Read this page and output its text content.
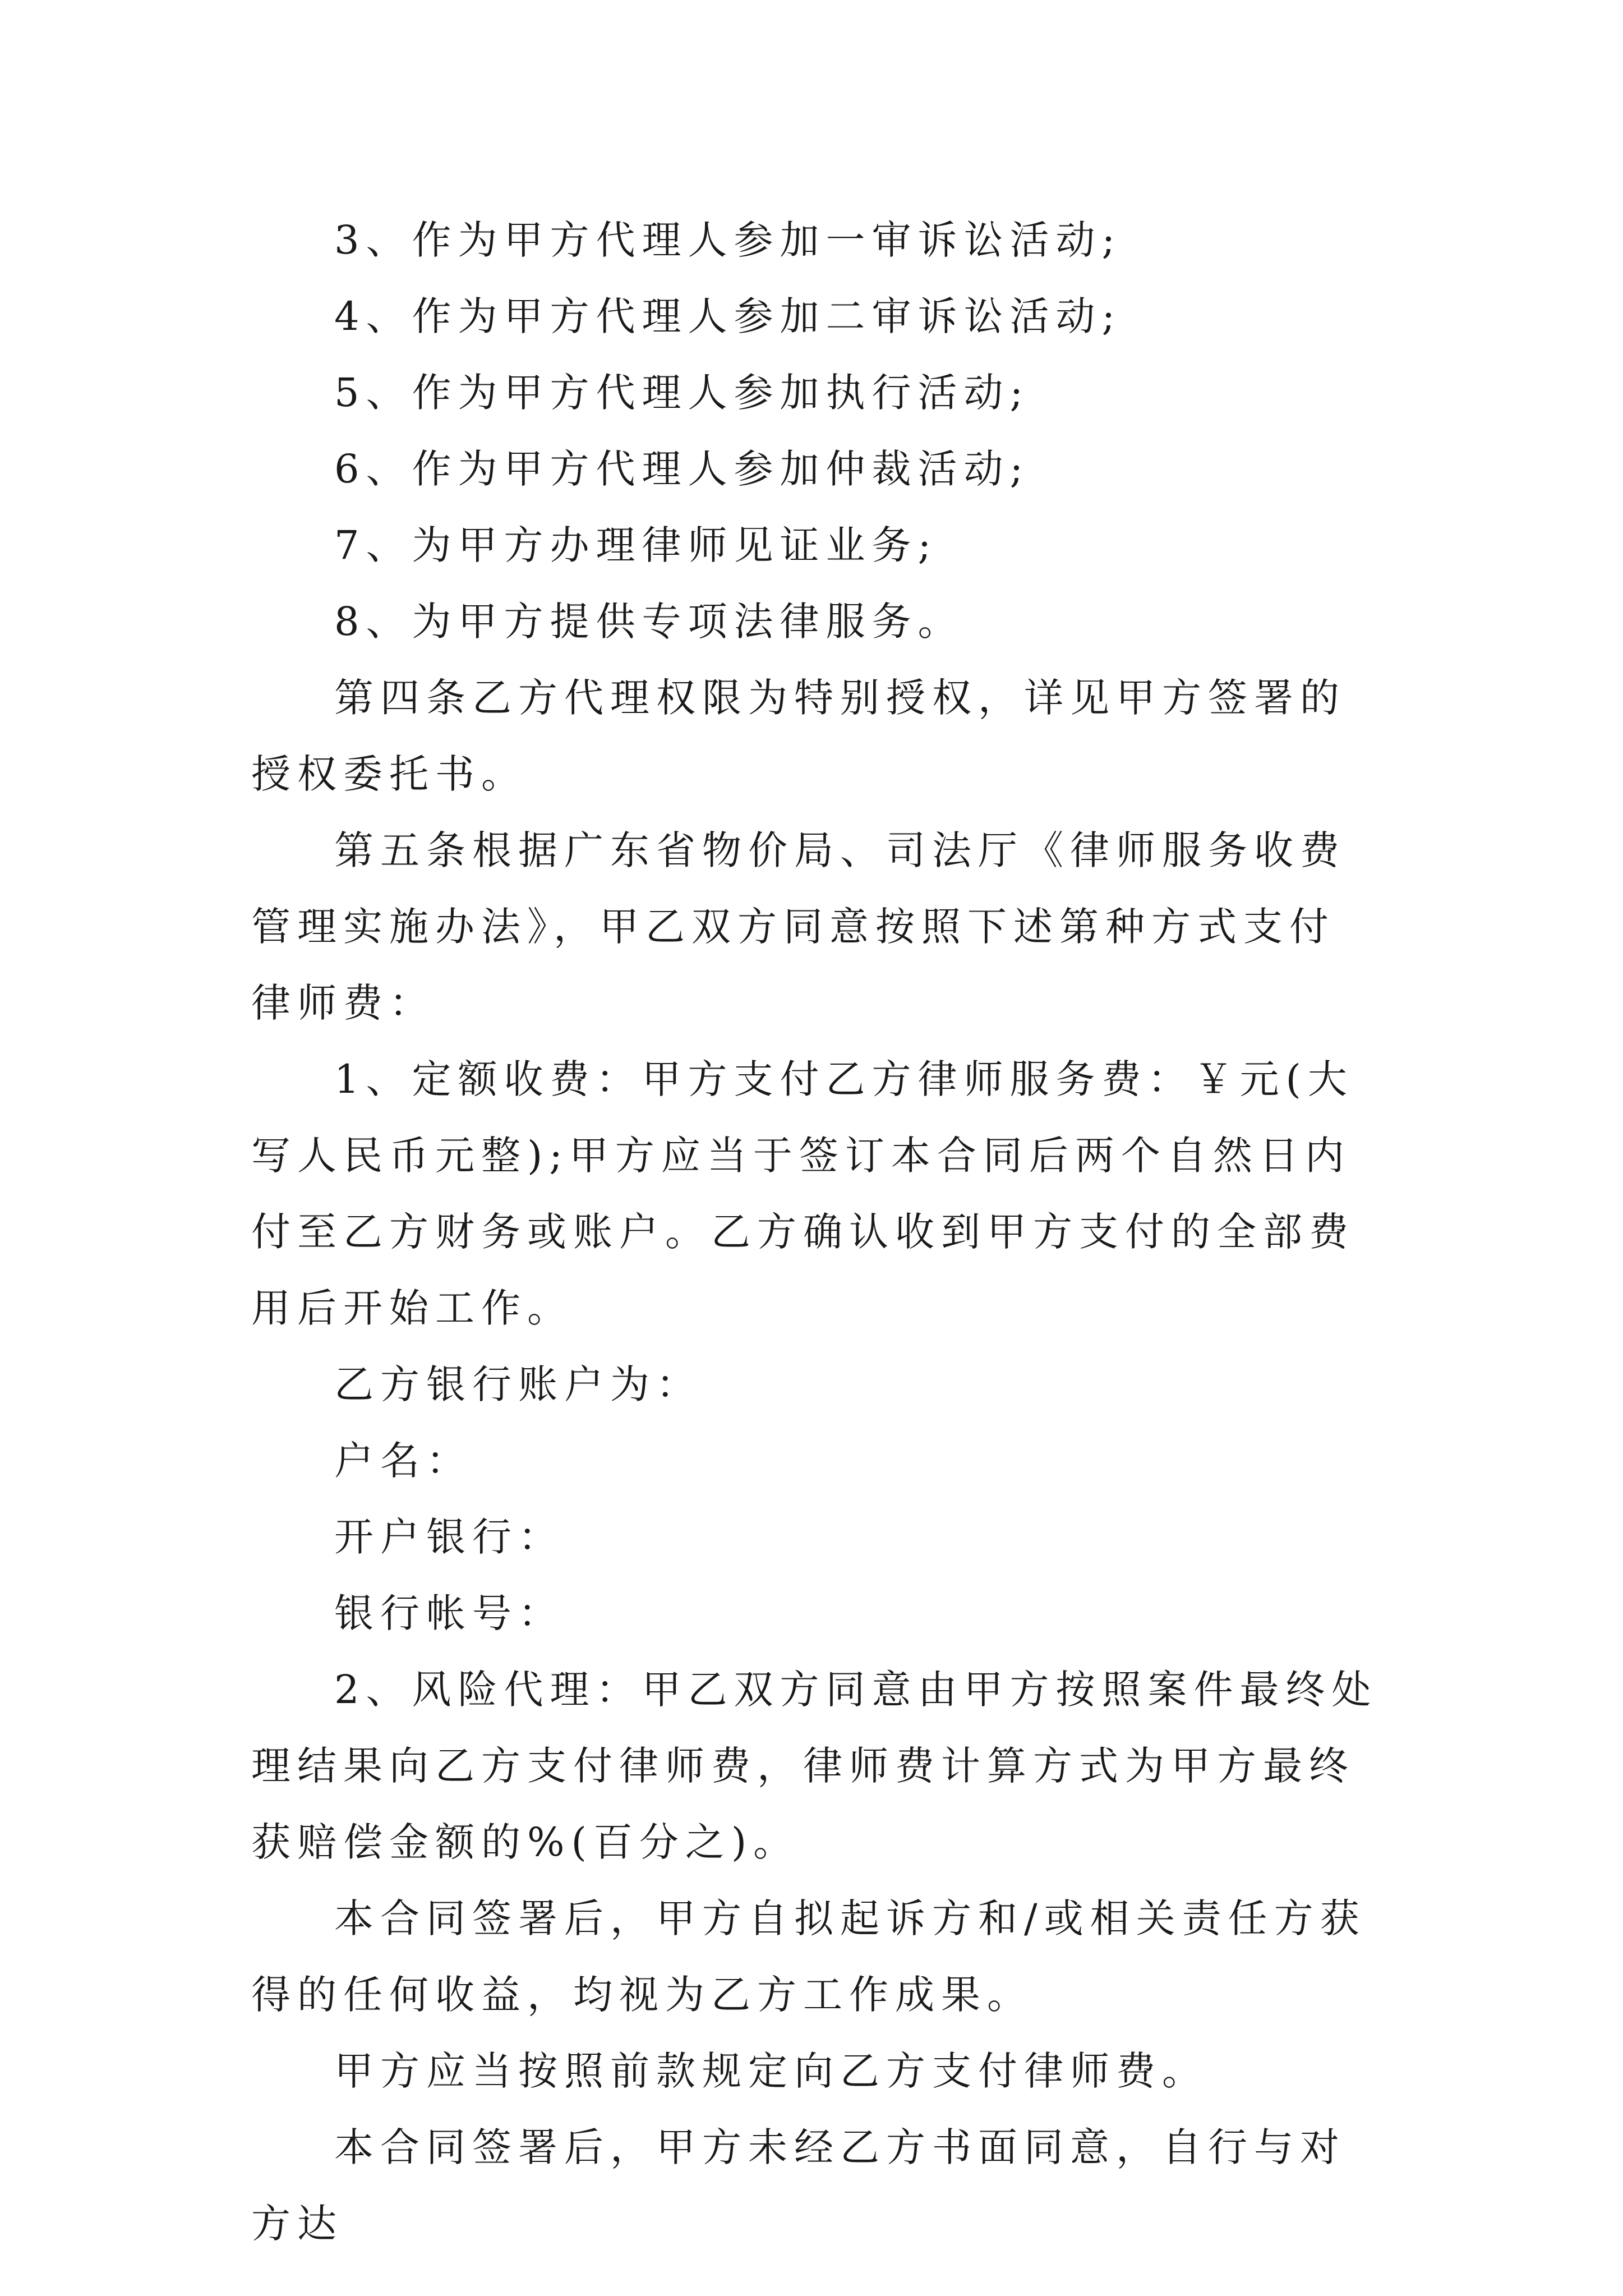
3、作为甲方代理人参加一审诉讼活动;

4、作为甲方代理人参加二审诉讼活动;

5、作为甲方代理人参加执行活动;

6、作为甲方代理人参加仲裁活动;

7、为甲方办理律师见证业务;

8、为甲方提供专项法律服务。

第四条乙方代理权限为特别授权，详见甲方签署的授权委托书。

第五条根据广东省物价局、司法厅《律师服务收费管理实施办法》，甲乙双方同意按照下述第种方式支付律师费：

1、定额收费：甲方支付乙方律师服务费：￥元(大写人民币元整);甲方应当于签订本合同后两个自然日内付至乙方财务或账户。乙方确认收到甲方支付的全部费用后开始工作。

乙方银行账户为：

户名：

开户银行：

银行帐号：

2、风险代理：甲乙双方同意由甲方按照案件最终处理结果向乙方支付律师费，律师费计算方式为甲方最终获赔偿金额的%(百分之)。

本合同签署后，甲方自拟起诉方和/或相关责任方获得的任何收益，均视为乙方工作成果。

甲方应当按照前款规定向乙方支付律师费。

本合同签署后，甲方未经乙方书面同意，自行与对方达
